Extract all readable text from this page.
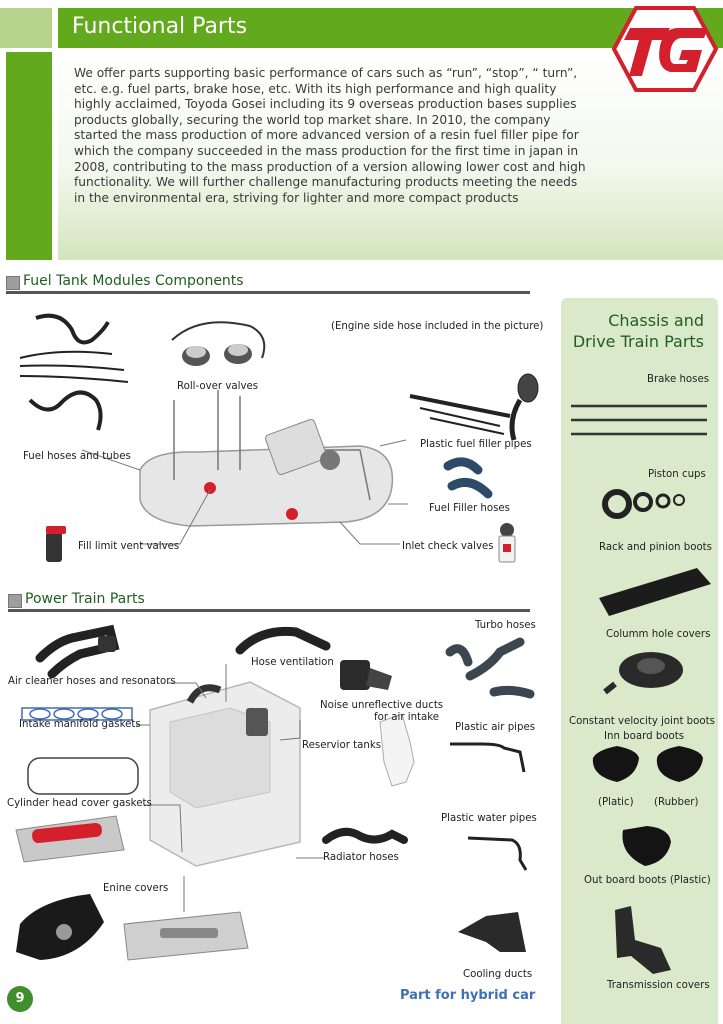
Functional Parts
We offer parts supporting basic performance of cars such as “run”, “stop”, “ turn”, etc. e.g. fuel parts, brake hose, etc. With its high performance and high quality highly acclaimed, Toyoda Gosei including its 9 overseas production bases supplies products globally, securing the world top market share. In 2010, the company started the mass production of more advanced version of a resin fuel filler pipe for which the company succeeded in the mass production for the first time in japan in 2008, contributing to the mass production of a version allowing lower cost and high functionality. We will further challenge manufacturing products meeting the needs in the environmental era, striving for lighter and more compact products
Fuel Tank Modules Components
(Engine side hose included in the picture)
Roll-over valves
Fuel hoses and tubes
Plastic fuel filler pipes
Fuel Filler hoses
Fill limit vent valves	Inlet check valves
Power Train Parts
Turbo hoses
Hose ventilation
Air cleaner hoses and resonators
Noise unreflective ducts
for air intake
Intake manifold gaskets	Plastic air pipes
Reservior tanks
Cylinder head cover gaskets
Plastic water pipes
Radiator hoses
Enine covers
Cooling ducts
Chassis and
Drive Train Parts
Brake hoses
Piston cups
Rack and pinion boots
Columm hole covers
Constant velocity joint boots
Inn board boots
(Platic) (Rubber)
Out board boots (Plastic)
Transmission covers
9	Part for hybrid car
